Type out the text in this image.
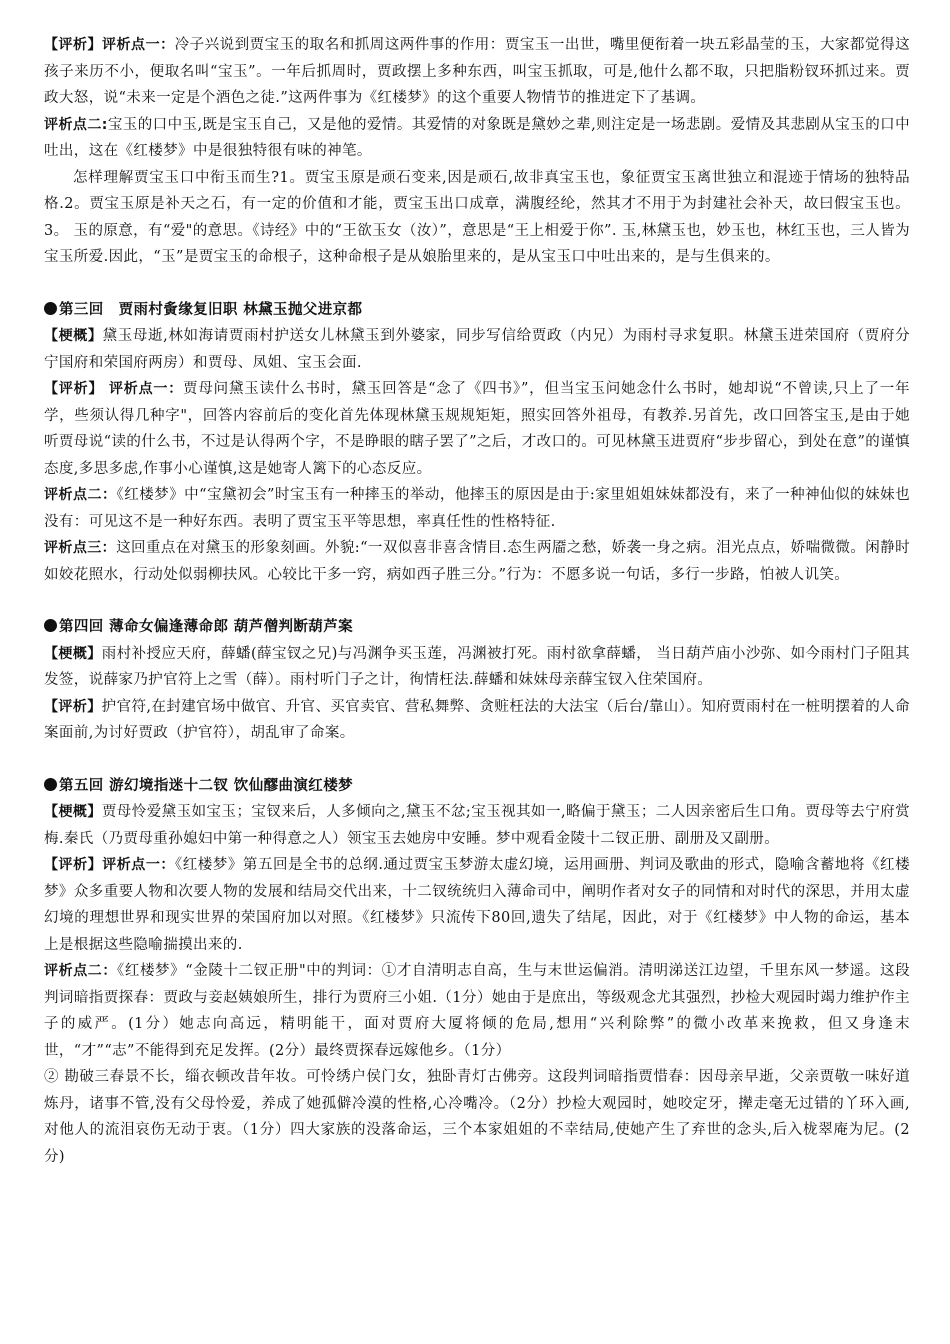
【评析】评析点一：冷子兴说到贾宝玉的取名和抓周这两件事的作用：贾宝玉一出世，嘴里便衔着一块五彩晶莹的玉，大家都觉得这孩子来历不小，便取名叫“宝玉”。一年后抓周时，贾政摆上多种东西，叫宝玉抓取，可是,他什么都不取，只把脂粉钗环抓过来。贾政大怒，说“未来一定是个酒色之徒.”这两件事为《红楼梦》的这个重要人物情节的推进定下了基调。

评析点二:宝玉的口中玉,既是宝玉自己，又是他的爱情。其爱情的对象既是黛妙之辈,则注定是一场悲剧。爱情及其悲剧从宝玉的口中吐出，这在《红楼梦》中是很独特很有味的神笔。

怎样理解贾宝玉口中衔玉而生?1。贾宝玉原是顽石变来,因是顽石,故非真宝玉也，象征贾宝玉离世独立和混迹于情场的独特品格.2。贾宝玉原是补天之石，有一定的价值和才能，贾宝玉出口成章，满腹经纶，然其才不用于为封建社会补天，故曰假宝玉也。3。 玉的原意，有“爱"的意思。《诗经》中的“王欲玉女（汝）”，意思是“王上相爱于你”. 玉,林黛玉也，妙玉也，林红玉也，三人皆为宝玉所爱.因此，“玉”是贾宝玉的命根子，这种命根子是从娘胎里来的，是从宝玉口中吐出来的，是与生俱来的。

第三回　贾雨村夤缘复旧职 林黛玉抛父进京都

【梗概】黛玉母逝,林如海请贾雨村护送女儿林黛玉到外婆家，同步写信给贾政（内兄）为雨村寻求复职。林黛玉进荣国府（贾府分宁国府和荣国府两房）和贾母、凤姐、宝玉会面.

【评析】 评析点一：贾母问黛玉读什么书时，黛玉回答是“念了《四书》”，但当宝玉问她念什么书时，她却说“不曾读,只上了一年学，些须认得几种字"，回答内容前后的变化首先体现林黛玉规规矩矩，照实回答外祖母，有教养.另首先，改口回答宝玉,是由于她听贾母说“读的什么书，不过是认得两个字，不是睁眼的瞎子罢了”之后，才改口的。可见林黛玉进贾府“步步留心，到处在意”的谨慎态度,多思多虑,作事小心谨慎,这是她寄人篱下的心态反应。

评析点二：《红楼梦》中“宝黛初会”时宝玉有一种摔玉的举动，他摔玉的原因是由于:家里姐姐妹妹都没有，来了一种神仙似的妹妹也没有：可见这不是一种好东西。表明了贾宝玉平等思想，率真任性的性格特征.

评析点三：这回重点在对黛玉的形象刻画。外貌:“一双似喜非喜含情目.态生两靥之愁，娇袭一身之病。泪光点点，娇喘微微。闲静时如姣花照水，行动处似弱柳扶风。心较比干多一窍，病如西子胜三分。”行为：不愿多说一句话，多行一步路，怕被人讥笑。

第四回 薄命女偏逢薄命郎 葫芦僧判断葫芦案

【梗概】雨村补授应天府，薛蟠(薛宝钗之兄)与冯渊争买玉莲，冯渊被打死。雨村欲拿薛蟠， 当日葫芦庙小沙弥、如今雨村门子阻其发签，说薛家乃护官符上之雪（薛）。雨村听门子之计，徇情枉法.薛蟠和妹妹母亲薛宝钗入住荣国府。

【评析】护官符,在封建官场中做官、升官、买官卖官、营私舞弊、贪赃枉法的大法宝（后台/靠山）。知府贾雨村在一桩明摆着的人命案面前,为讨好贾政（护官符），胡乱审了命案。

第五回 游幻境指迷十二钗 饮仙醪曲演红楼梦

【梗概】贾母怜爱黛玉如宝玉；宝钗来后，人多倾向之,黛玉不忿;宝玉视其如一,略偏于黛玉；二人因亲密后生口角。贾母等去宁府赏梅.秦氏（乃贾母重孙媳妇中第一种得意之人）领宝玉去她房中安睡。梦中观看金陵十二钗正册、副册及又副册。

【评析】评析点一：《红楼梦》第五回是全书的总纲.通过贾宝玉梦游太虚幻境，运用画册、判词及歌曲的形式，隐喻含蓄地将《红楼梦》众多重要人物和次要人物的发展和结局交代出来，十二钗统统归入薄命司中，阐明作者对女子的同情和对时代的深思，并用太虚幻境的理想世界和现实世界的荣国府加以对照。《红楼梦》只流传下80回,遗失了结尾，因此，对于《红楼梦》中人物的命运，基本上是根据这些隐喻揣摸出来的.

评析点二：《红楼梦》“金陵十二钗正册"中的判词：①才自清明志自高，生与末世运偏消。清明涕送江边望，千里东风一梦遥。这段判词暗指贾探春：贾政与妾赵姨娘所生，排行为贾府三小姐.（1分）她由于是庶出，等级观念尤其强烈，抄检大观园时竭力维护作主子的威严。(1分）她志向高远，精明能干，面对贾府大厦将倾的危局,想用“兴利除弊”的微小改革来挽救，但又身逢末世，“才”“志”不能得到充足发挥。(2分）最终贾探春远嫁他乡。（1分）

② 勘破三春景不长，缁衣顿改昔年妆。可怜绣户侯门女，独卧青灯古佛旁。这段判词暗指贾惜春：因母亲早逝，父亲贾敬一味好道炼丹，诸事不管,没有父母怜爱，养成了她孤僻冷漠的性格,心冷嘴冷。（2分）抄检大观园时，她咬定牙，撵走毫无过错的丫环入画,对他人的流泪哀伤无动于衷。（1分）四大家族的没落命运，三个本家姐姐的不幸结局,使她产生了弃世的念头,后入栊翠庵为尼。(2分)
